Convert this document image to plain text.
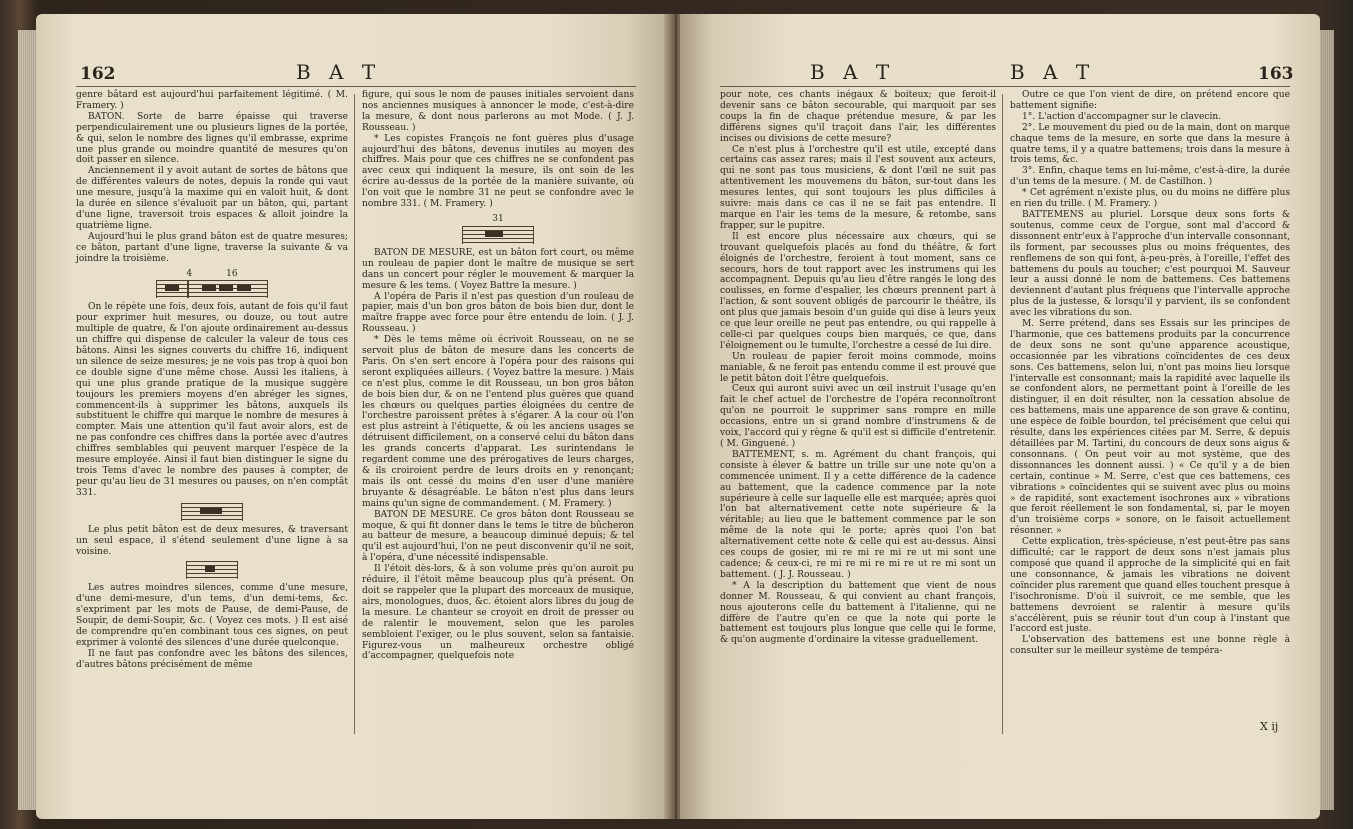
162	B A T

genre bâtard est aujourd'hui parfaitement légitimé. ( M. Framery. )

BATON. Sorte de barre épaisse qui traverse perpendiculairement une ou plusieurs lignes de la portée, & qui, selon le nombre des lignes qu'il embrasse, exprime une plus grande ou moindre quantité de mesures qu'on doit passer en silence.

Anciennement il y avoit autant de sortes de bâtons que de différentes valeurs de notes, depuis la ronde qui vaut une mesure, jusqu'à la maxime qui en valoit huit, & dont la durée en silence s'évaluoit par un bâton, qui, partant d'une ligne, traversoit trois espaces & alloit joindre la quatrième ligne.

Aujourd'hui le plus grand bâton est de quatre mesures; ce bâton, partant d'une ligne, traverse la suivante & va joindre la troisième.

4	16

On le répète une fois, deux fois, autant de fois qu'il faut pour exprimer huit mesures, ou douze, ou tout autre multiple de quatre, & l'on ajoute ordinairement au-dessus un chiffre qui dispense de calculer la valeur de tous ces bâtons. Ainsi les signes couverts du chiffre 16, indiquent un silence de seize mesures; je ne vois pas trop à quoi bon ce double signe d'une même chose. Aussi les italiens, à qui une plus grande pratique de la musique suggère toujours les premiers moyens d'en abréger les signes, commencent-ils à supprimer les bâtons, auxquels ils substituent le chiffre qui marque le nombre de mesures à compter. Mais une attention qu'il faut avoir alors, est de ne pas confondre ces chiffres dans la portée avec d'autres chiffres semblables qui peuvent marquer l'espèce de la mesure employée. Ainsi il faut bien distinguer le signe du trois Tems d'avec le nombre des pauses à compter, de peur qu'au lieu de 31 mesures ou pauses, on n'en comptât 331.

Le plus petit bâton est de deux mesures, & traversant un seul espace, il s'étend seulement d'une ligne à sa voisine.

Les autres moindres silences, comme d'une mesure, d'une demi-mesure, d'un tems, d'un demi-tems, &c. s'expriment par les mots de Pause, de demi-Pause, de Soupir, de demi-Soupir, &c. ( Voyez ces mots. ) Il est aisé de comprendre qu'en combinant tous ces signes, on peut exprimer à volonté des silences d'une durée quelconque.

Il ne faut pas confondre avec les bâtons des silences, d'autres bâtons précisément de même

figure, qui sous le nom de pauses initiales servoient dans nos anciennes musiques à annoncer le mode, c'est-à-dire la mesure, & dont nous parlerons au mot Mode. ( J. J. Rousseau. )

* Les copistes François ne font guères plus d'usage aujourd'hui des bâtons, devenus inutiles au moyen des chiffres. Mais pour que ces chiffres ne se confondent pas avec ceux qui indiquent la mesure, ils ont soin de les écrire au-dessus de la portée de la manière suivante, où l'on voit que le nombre 31 ne peut se confondre avec le nombre 331. ( M. Framery. )

31

BATON DE MESURE, est un bâton fort court, ou même un rouleau de papier dont le maître de musique se sert dans un concert pour régler le mouvement & marquer la mesure & les tems. ( Voyez Battre la mesure. )

A l'opéra de Paris il n'est pas question d'un rouleau de papier, mais d'un bon gros bâton de bois bien dur, dont le maître frappe avec force pour être entendu de loin. ( J. J. Rousseau. )

* Dès le tems même où écrivoit Rousseau, on ne se servoit plus de bâton de mesure dans les concerts de Paris. On s'en sert encore à l'opéra pour des raisons qui seront expliquées ailleurs. ( Voyez battre la mesure. ) Mais ce n'est plus, comme le dit Rousseau, un bon gros bâton de bois bien dur, & on ne l'entend plus guères que quand les chœurs ou quelques parties éloignées du centre de l'orchestre paroissent prêtes à s'égarer. A la cour où l'on est plus astreint à l'étiquette, & où les anciens usages se détruisent difficilement, on a conservé celui du bâton dans les grands concerts d'apparat. Les surintendans le regardent comme une des prérogatives de leurs charges, & ils croiroient perdre de leurs droits en y renonçant; mais ils ont cessé du moins d'en user d'une manière bruyante & désagréable. Le bâton n'est plus dans leurs mains qu'un signe de commandement. ( M. Framery. )

BATON DE MESURE. Ce gros bâton dont Rousseau se moque, & qui fit donner dans le tems le titre de bûcheron au batteur de mesure, a beaucoup diminué depuis; & tel qu'il est aujourd'hui, l'on ne peut disconvenir qu'il ne soit, à l'opéra, d'une nécessité indispensable.

Il l'étoit dès-lors, & à son volume près qu'on auroit pu réduire, il l'étoit même beaucoup plus qu'à présent. On doit se rappeler que la plupart des morceaux de musique, airs, monologues, duos, &c. étoient alors libres du joug de la mesure. Le chanteur se croyoit en droit de presser ou de ralentir le mouvement, selon que les paroles sembloient l'exiger, ou le plus souvent, selon sa fantaisie. Figurez-vous un malheureux orchestre obligé d'accompagner, quelquefois note

B A T	B A T	163

pour note, ces chants inégaux & boiteux; que feroit-il devenir sans ce bâton secourable, qui marquoit par ses coups la fin de chaque prétendue mesure, & par les différens signes qu'il traçoit dans l'air, les différentes incises ou divisions de cette mesure?

Ce n'est plus à l'orchestre qu'il est utile, excepté dans certains cas assez rares; mais il l'est souvent aux acteurs, qui ne sont pas tous musiciens, & dont l'œil ne suit pas attentivement les mouvemens du bâton, sur-tout dans les mesures lentes, qui sont toujours les plus difficiles à suivre: mais dans ce cas il ne se fait pas entendre. Il marque en l'air les tems de la mesure, & retombe, sans frapper, sur le pupitre.

Il est encore plus nécessaire aux chœurs, qui se trouvant quelquefois placés au fond du théâtre, & fort éloignés de l'orchestre, feroient à tout moment, sans ce secours, hors de tout rapport avec les instrumens qui les accompagnent. Depuis qu'au lieu d'être rangés le long des coulisses, en forme d'espalier, les chœurs prennent part à l'action, & sont souvent obligés de parcourir le théâtre, ils ont plus que jamais besoin d'un guide qui dise à leurs yeux ce que leur oreille ne peut pas entendre, ou qui rappelle à celle-ci par quelques coups bien marqués, ce que, dans l'éloignement ou le tumulte, l'orchestre a cessé de lui dire.

Un rouleau de papier feroit moins commode, moins maniable, & ne feroit pas entendu comme il est prouvé que le petit bâton doit l'être quelquefois.

Ceux qui auront suivi avec un œil instruit l'usage qu'en fait le chef actuel de l'orchestre de l'opéra reconnoîtront qu'on ne pourroit le supprimer sans rompre en mille occasions, entre un si grand nombre d'instrumens & de voix, l'accord qui y règne & qu'il est si difficile d'entretenir. ( M. Ginguené. )

BATTEMENT, s. m. Agrément du chant françois, qui consiste à élever & battre un trille sur une note qu'on a commencée uniment. Il y a cette différence de la cadence au battement, que la cadence commence par la note supérieure à celle sur laquelle elle est marquée; après quoi l'on bat alternativement cette note supérieure & la véritable; au lieu que le battement commence par le son même de la note qui le porte; après quoi l'on bat alternativement cette note & celle qui est au-dessus. Ainsi ces coups de gosier, mi re mi re mi re ut mi sont une cadence; & ceux-ci, re mi re mi re mi re ut re mi sont un battement. ( J. J. Rousseau. )

* A la description du battement que vient de nous donner M. Rousseau, & qui convient au chant françois, nous ajouterons celle du battement à l'italienne, qui ne diffère de l'autre qu'en ce que la note qui porte le battement est toujours plus longue que celle qui le forme, & qu'on augmente d'ordinaire la vitesse graduellement.

Outre ce que l'on vient de dire, on prétend encore que battement signifie:

1°. L'action d'accompagner sur le clavecin.

2°. Le mouvement du pied ou de la main, dont on marque chaque tems de la mesure, en sorte que dans la mesure à quatre tems, il y a quatre battemens; trois dans la mesure à trois tems, &c.

3°. Enfin, chaque tems en lui-même, c'est-à-dire, la durée d'un tems de la mesure. ( M. de Castilhon. )

* Cet agrément n'existe plus, ou du moins ne diffère plus en rien du trille. ( M. Framery. )

BATTEMENS au pluriel. Lorsque deux sons forts & soutenus, comme ceux de l'orgue, sont mal d'accord & dissonnent entr'eux à l'approche d'un intervalle consonnant, ils forment, par secousses plus ou moins fréquentes, des renflemens de son qui font, à-peu-près, à l'oreille, l'effet des battemens du pouls au toucher; c'est pourquoi M. Sauveur leur a aussi donné le nom de battemens. Ces battemens deviennent d'autant plus fréquens que l'intervalle approche plus de la justesse, & lorsqu'il y parvient, ils se confondent avec les vibrations du son.

M. Serre prétend, dans ses Essais sur les principes de l'harmonie, que ces battemens produits par la concurrence de deux sons ne sont qu'une apparence acoustique, occasionnée par les vibrations coïncidentes de ces deux sons. Ces battemens, selon lui, n'ont pas moins lieu lorsque l'intervalle est consonnant; mais la rapidité avec laquelle ils se confondent alors, ne permettant point à l'oreille de les distinguer, il en doit résulter, non la cessation absolue de ces battemens, mais une apparence de son grave & continu, une espèce de foible bourdon, tel précisément que celui qui résulte, dans les expériences citées par M. Serre, & depuis détaillées par M. Tartini, du concours de deux sons aigus & consonnans. ( On peut voir au mot système, que des dissonnances les donnent aussi. ) « Ce qu'il y a de bien certain, continue » M. Serre, c'est que ces battemens, ces vibrations » coïncidentes qui se suivent avec plus ou moins » de rapidité, sont exactement isochrones aux » vibrations que feroit réellement le son fondamental, si, par le moyen d'un troisième corps » sonore, on le faisoit actuellement résonner. »

Cette explication, très-spécieuse, n'est peut-être pas sans difficulté; car le rapport de deux sons n'est jamais plus composé que quand il approche de la simplicité qui en fait une consonnance, & jamais les vibrations ne doivent coïncider plus rarement que quand elles touchent presque à l'isochronisme. D'où il suivroit, ce me semble, que les battemens devroient se ralentir à mesure qu'ils s'accélèrent, puis se réunir tout d'un coup à l'instant que l'accord est juste.

L'observation des battemens est une bonne règle à consulter sur le meilleur système de tempéra-

X ij
